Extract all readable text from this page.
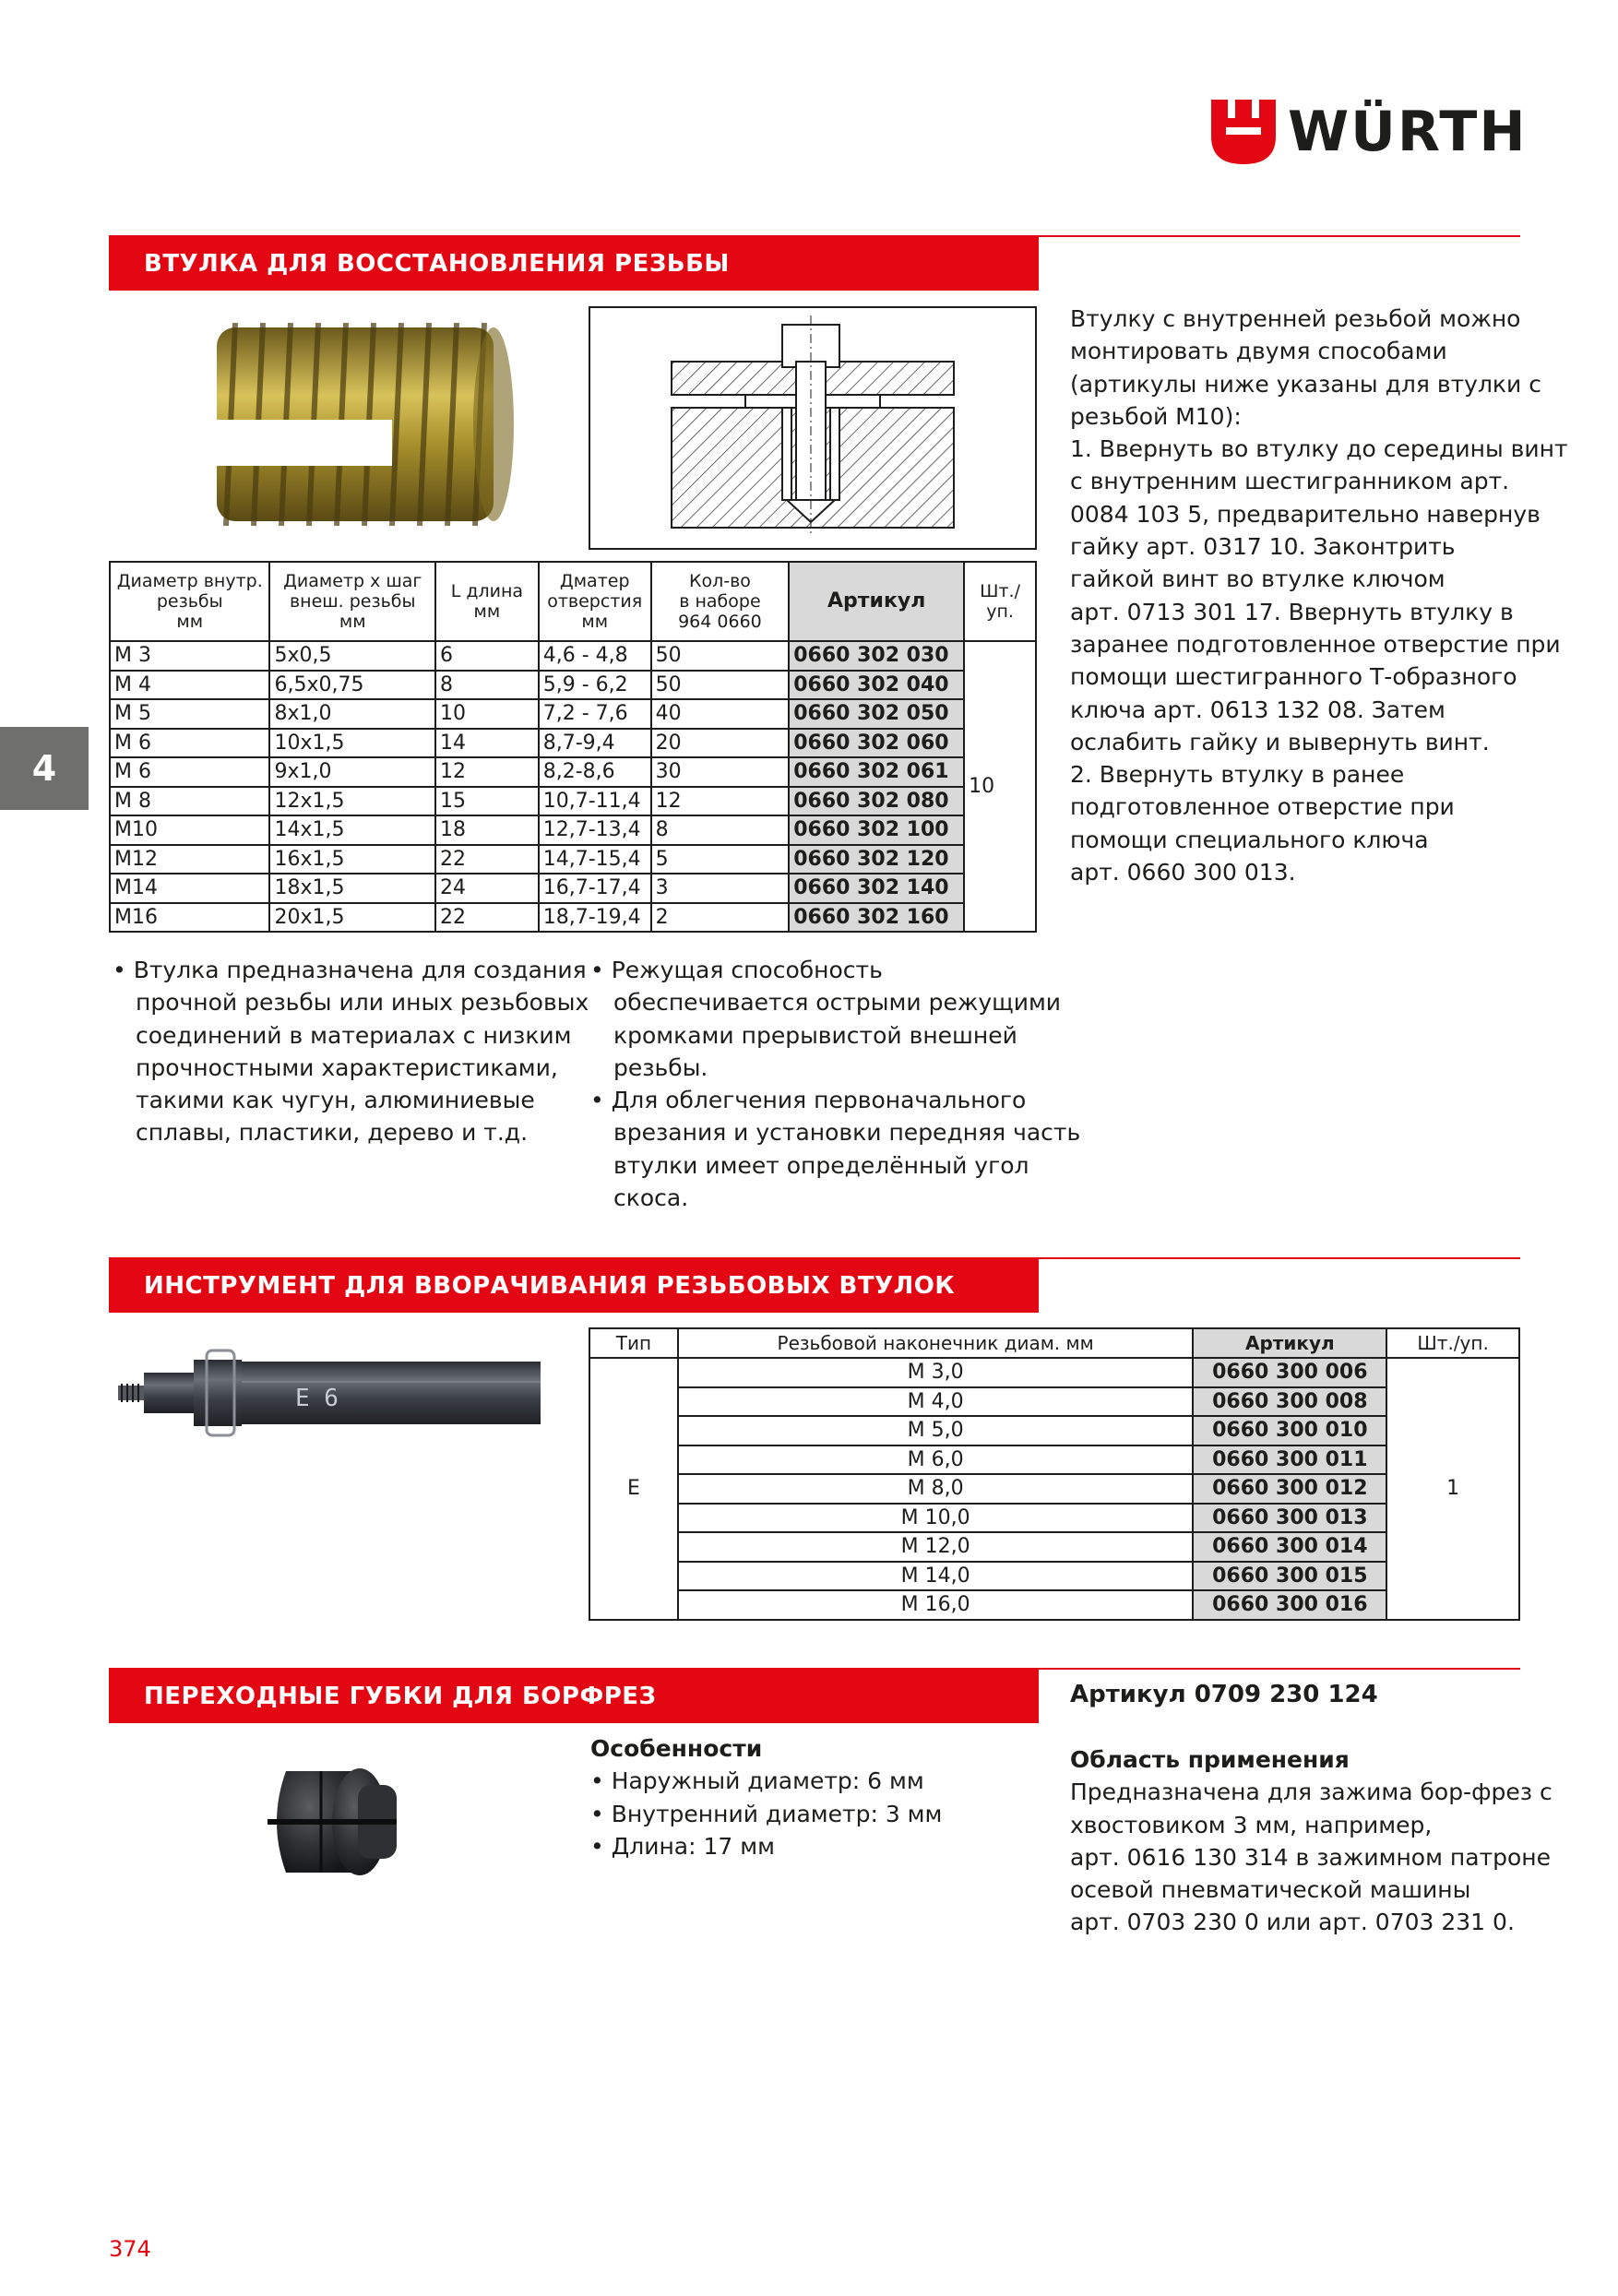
WÜRTH
4
ВТУЛКА ДЛЯ ВОССТАНОВЛЕНИЯ РЕЗЬБЫ
Втулку с внутренней резьбой можно
монтировать двумя способами
(артикулы ниже указаны для втулки с
резьбой М10):
1. Ввернуть во втулку до середины винт
с внутренним шестигранником арт.
0084 103 5, предварительно навернув
гайку арт. 0317 10. Законтрить
гайкой винт во втулке ключом
арт. 0713 301 17. Ввернуть втулку в
заранее подготовленное отверстие при
помощи шестигранного Т-образного
ключа арт. 0613 132 08. Затем
ослабить гайку и вывернуть винт.
2. Ввернуть втулку в ранее
подготовленное отверстие при
помощи специального ключа
арт. 0660 300 013.
Диаметр внутр.
резьбы
мм	Диаметр x шаг
внеш. резьбы
мм	L длина
мм	Дматер
отверстия
мм	Кол-во
в наборе
964 0660	Артикул	Шт./
уп.
M 3	5x0,5	6	4,6 - 4,8	50	0660 302 030	10
M 4	6,5x0,75	8	5,9 - 6,2	50	0660 302 040	
M 5	8x1,0	10	7,2 - 7,6	40	0660 302 050	
M 6	10x1,5	14	8,7-9,4	20	0660 302 060	
M 6	9x1,0	12	8,2-8,6	30	0660 302 061	
M 8	12x1,5	15	10,7-11,4	12	0660 302 080	
M10	14x1,5	18	12,7-13,4	8	0660 302 100	
M12	16x1,5	22	14,7-15,4	5	0660 302 120	
M14	18x1,5	24	16,7-17,4	3	0660 302 140	
M16	20x1,5	22	18,7-19,4	2	0660 302 160	
• Втулка предназначена для создания
прочной резьбы или иных резьбовых
соединений в материалах с низким
прочностными характеристиками,
такими как чугун, алюминиевые
сплавы, пластики, дерево и т.д.
• Режущая способность
обеспечивается острыми режущими
кромками прерывистой внешней
резьбы.
• Для облегчения первоначального
врезания и установки передняя часть
втулки имеет определённый угол
скоса.
ИНСТРУМЕНТ ДЛЯ ВВОРАЧИВАНИЯ РЕЗЬБОВЫХ ВТУЛОК
E 6
Тип	Резьбовой наконечник диам. мм	Артикул	Шт./уп.
E	M 3,0	0660 300 006	1
	M 4,0	0660 300 008	
	M 5,0	0660 300 010	
	M 6,0	0660 300 011	
	M 8,0	0660 300 012	
	M 10,0	0660 300 013	
	M 12,0	0660 300 014	
	M 14,0	0660 300 015	
	M 16,0	0660 300 016	
ПЕРЕХОДНЫЕ ГУБКИ ДЛЯ БОРФРЕЗ
Особенности
• Наружный диаметр: 6 мм
• Внутренний диаметр: 3 мм
• Длина: 17 мм
Артикул 0709 230 124
Область применения
Предназначена для зажима бор-фрез с
хвостовиком 3 мм, например,
арт. 0616 130 314 в зажимном патроне
осевой пневматической машины
арт. 0703 230 0 или арт. 0703 231 0.
374
